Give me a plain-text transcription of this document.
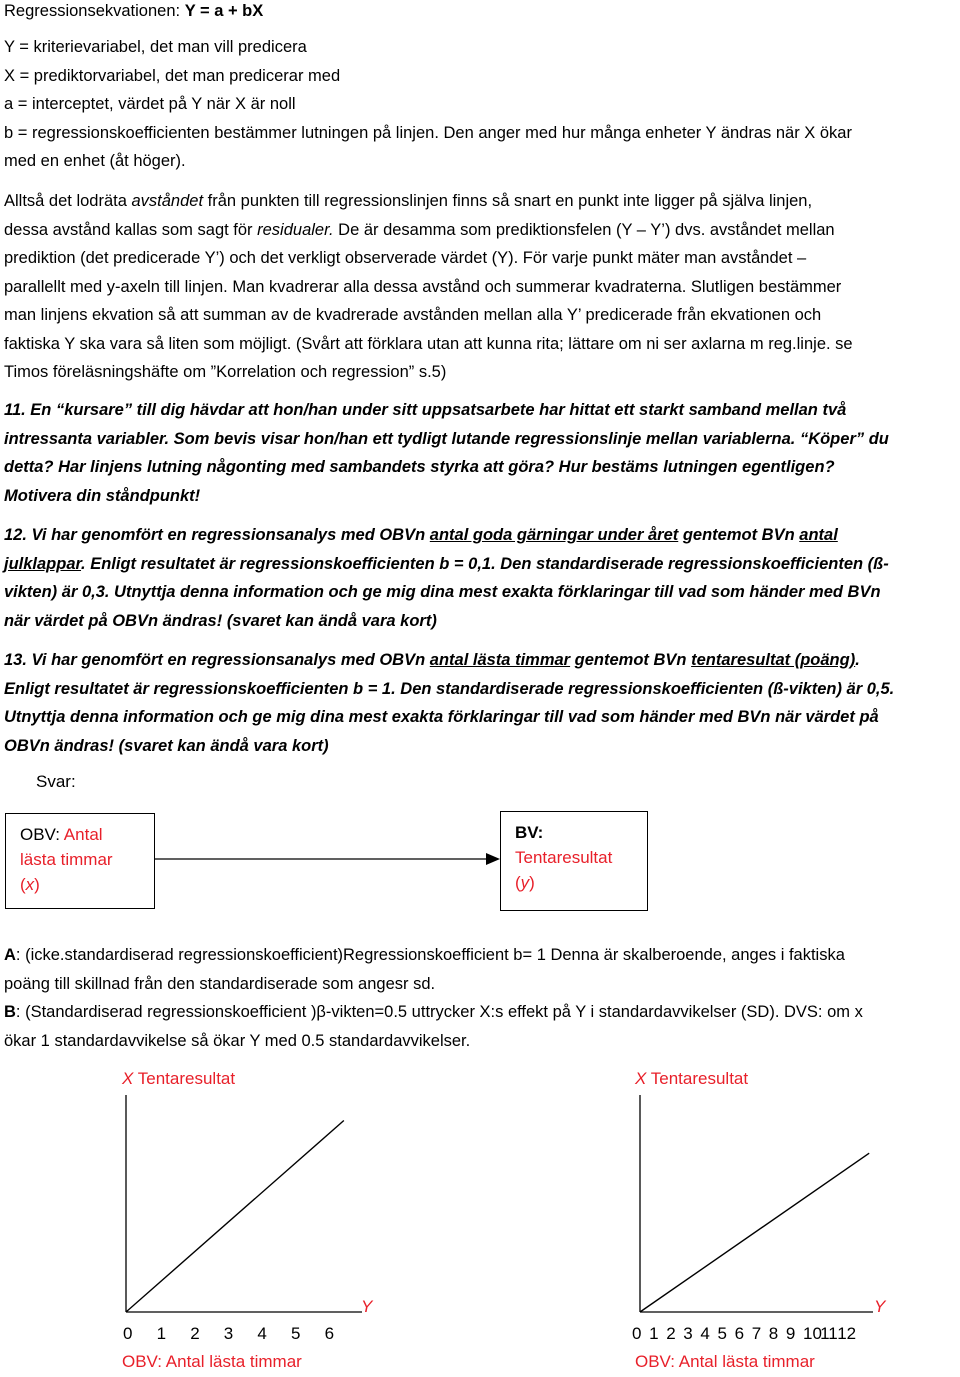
Regressionsekvationen: Y = a + bX
Y = kriterievariabel, det man vill predicera
X = prediktorvariabel, det man predicerar med
a = interceptet, värdet på Y när X är noll
b = regressionskoefficienten bestämmer lutningen på linjen. Den anger med hur många enheter Y ändras när X ökar
med en enhet (åt höger).
Alltså det lodräta avståndet från punkten till regressionslinjen finns så snart en punkt inte ligger på själva linjen,
dessa avstånd kallas som sagt för residualer. De är desamma som prediktionsfelen (Y – Y’) dvs. avståndet mellan
prediktion (det predicerade Y’) och det verkligt observerade värdet (Y). För varje punkt mäter man avståndet –
parallellt med y-axeln till linjen. Man kvadrerar alla dessa avstånd och summerar kvadraterna. Slutligen bestämmer
man linjens ekvation så att summan av de kvadrerade avstånden mellan alla Y’ predicerade från ekvationen och
faktiska Y ska vara så liten som möjligt. (Svårt att förklara utan att kunna rita; lättare om ni ser axlarna m reg.linje. se
Timos föreläsningshäfte om ”Korrelation och regression” s.5)
11. En “kursare” till dig hävdar att hon/han under sitt uppsatsarbete har hittat ett starkt samband mellan två
intressanta variabler. Som bevis visar hon/han ett tydligt lutande regressionslinje mellan variablerna. “Köper” du
detta? Har linjens lutning någonting med sambandets styrka att göra? Hur bestäms lutningen egentligen?
Motivera din ståndpunkt!
12. Vi har genomfört en regressionsanalys med OBVn antal goda gärningar under året gentemot BVn antal
julklappar. Enligt resultatet är regressionskoefficienten b = 0,1. Den standardiserade regressionskoefficienten (ß-
vikten) är 0,3. Utnyttja denna information och ge mig dina mest exakta förklaringar till vad som händer med BVn
när värdet på OBVn ändras! (svaret kan ändå vara kort)
13. Vi har genomfört en regressionsanalys med OBVn antal lästa timmar gentemot BVn tentaresultat (poäng).
Enligt resultatet är regressionskoefficienten b = 1. Den standardiserade regressionskoefficienten (ß-vikten) är 0,5.
Utnyttja denna information och ge mig dina mest exakta förklaringar till vad som händer med BVn när värdet på
OBVn ändras! (svaret kan ändå vara kort)
Svar:
OBV: Antal
lästa timmar
(x)
BV:
Tentaresultat
(y)
A: (icke.standardiserad regressionskoefficient)Regressionskoefficient b= 1 Denna är skalberoende, anges i faktiska
poäng till skillnad från den standardiserade som angesr sd.
B: (Standardiserad regressionskoefficient )β-vikten=0.5 uttrycker X:s effekt på Y i standardavvikelser (SD). DVS: om x
ökar 1 standardavvikelse så ökar Y med 0.5 standardavvikelser.
X Tentaresultat
Y
0 1 2 3 4 5 6
OBV: Antal lästa timmar
X Tentaresultat
Y
0 1 2 3 4 5 6 7 8 9 10
11 12
OBV: Antal lästa timmar
